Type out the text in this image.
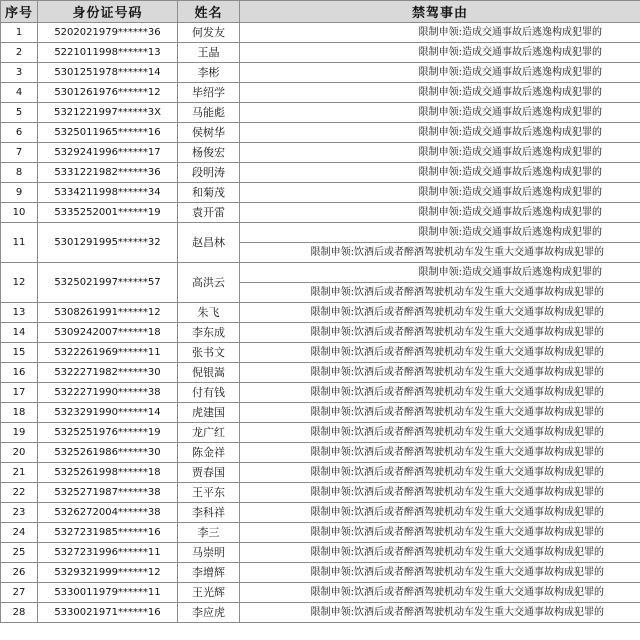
序号	身份证号码	姓名	禁驾事由
1	5202021979******36	何发友	限制申领:造成交通事故后逃逸构成犯罪的
2	5221011998******13	王晶	限制申领:造成交通事故后逃逸构成犯罪的
3	5301251978******14	李彬	限制申领:造成交通事故后逃逸构成犯罪的
4	5301261976******12	毕绍学	限制申领:造成交通事故后逃逸构成犯罪的
5	5321221997******3X	马能彪	限制申领:造成交通事故后逃逸构成犯罪的
6	5325011965******16	侯树华	限制申领:造成交通事故后逃逸构成犯罪的
7	5329241996******17	杨俊宏	限制申领:造成交通事故后逃逸构成犯罪的
8	5331221982******36	段明涛	限制申领:造成交通事故后逃逸构成犯罪的
9	5334211998******34	和菊茂	限制申领:造成交通事故后逃逸构成犯罪的
10	5335252001******19	袁开雷	限制申领:造成交通事故后逃逸构成犯罪的
11	5301291995******32	赵昌林	限制申领:造成交通事故后逃逸构成犯罪的
			限制申领:饮酒后或者醉酒驾驶机动车发生重大交通事故构成犯罪的
12	5325021997******57	高洪云	限制申领:造成交通事故后逃逸构成犯罪的
			限制申领:饮酒后或者醉酒驾驶机动车发生重大交通事故构成犯罪的
13	5308261991******12	朱飞	限制申领:饮酒后或者醉酒驾驶机动车发生重大交通事故构成犯罪的
14	5309242007******18	李东成	限制申领:饮酒后或者醉酒驾驶机动车发生重大交通事故构成犯罪的
15	5322261969******11	张书文	限制申领:饮酒后或者醉酒驾驶机动车发生重大交通事故构成犯罪的
16	5322271982******30	倪银嵩	限制申领:饮酒后或者醉酒驾驶机动车发生重大交通事故构成犯罪的
17	5322271990******38	付有钱	限制申领:饮酒后或者醉酒驾驶机动车发生重大交通事故构成犯罪的
18	5323291990******14	虎建国	限制申领:饮酒后或者醉酒驾驶机动车发生重大交通事故构成犯罪的
19	5325251976******19	龙广红	限制申领:饮酒后或者醉酒驾驶机动车发生重大交通事故构成犯罪的
20	5325261986******30	陈金祥	限制申领:饮酒后或者醉酒驾驶机动车发生重大交通事故构成犯罪的
21	5325261998******18	贾春国	限制申领:饮酒后或者醉酒驾驶机动车发生重大交通事故构成犯罪的
22	5325271987******38	王平东	限制申领:饮酒后或者醉酒驾驶机动车发生重大交通事故构成犯罪的
23	5326272004******38	李科祥	限制申领:饮酒后或者醉酒驾驶机动车发生重大交通事故构成犯罪的
24	5327231985******16	李三	限制申领:饮酒后或者醉酒驾驶机动车发生重大交通事故构成犯罪的
25	5327231996******11	马崇明	限制申领:饮酒后或者醉酒驾驶机动车发生重大交通事故构成犯罪的
26	5329321999******12	李增辉	限制申领:饮酒后或者醉酒驾驶机动车发生重大交通事故构成犯罪的
27	5330011979******11	王光辉	限制申领:饮酒后或者醉酒驾驶机动车发生重大交通事故构成犯罪的
28	5330021971******16	李应虎	限制申领:饮酒后或者醉酒驾驶机动车发生重大交通事故构成犯罪的
